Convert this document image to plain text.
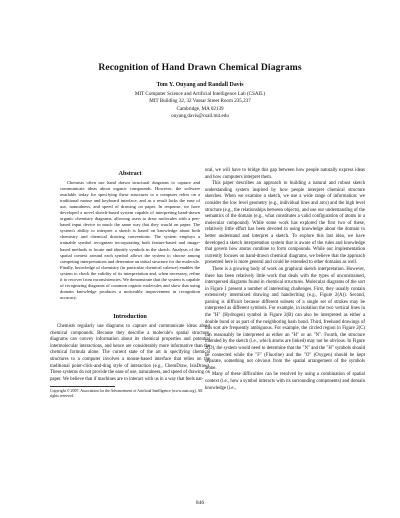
Recognition of Hand Drawn Chemical Diagrams
Tom Y. Ouyang and Randall Davis
MIT Computer Science and Artificial Intelligence Lab (CSAIL)
MIT Building 32, 32 Vassar Street Room 235,237
Cambridge, MA 02139
ouyang,davis@csail.mit.edu
Abstract

Chemists often use hand drawn structural diagrams to capture and communicate ideas about organic compounds. However, the software available today for specifying these structures to a computer relies on a traditional mouse and keyboard interface, and as a result lacks the ease of use, naturalness, and speed of drawing on paper. In response, we have developed a novel sketch-based system capable of interpreting hand-drawn organic chemistry diagrams, allowing users to draw molecules with a pen-based input device in much the same way that they would on paper. The system's ability to interpret a sketch is based on knowledge about both chemistry and chemical drawing conventions. The system employs a trainable symbol recognizer incorporating both feature-based and image-based methods to locate and identify symbols in the sketch. Analysis of the spatial context around each symbol allows the system to choose among competing interpretations and determine an initial structure for the molecule. Finally, knowledge of chemistry (in particular chemical valence) enables the system to check the validity of its interpretation and, when necessary, refine it to recover from inconsistencies. We demonstrate that the system is capable of recognizing diagrams of common organic molecules and show that using domain knowledge produces a noticeable improvement in recognition accuracy.

Introduction

Chemists regularly use diagrams to capture and communicate ideas about chemical compounds. Because they describe a molecule's spatial structure, diagrams can convey information about its chemical properties and potential intermolecular interactions, and hence are considerably more informative than the chemical formula alone. The current state of the art in specifying chemical structures to a computer involves a mouse-based interface that relies on the traditional point-click-and-drag style of interaction (e.g., ChemDraw, IsisDraw). These systems do not provide the ease of use, naturalness, and speed of drawing on paper. We believe that if machines are to interact with us in a way that feels nat-

Copyright © 2007, Association for the Advancement of Artificial Intelligence (www.aaai.org). All rights reserved.

ural, we will have to bridge this gap between how people naturally express ideas and how computers interpret them.

This paper describes an approach to building a natural and robust sketch understanding system inspired by how people interpret chemical structure sketches. When we examine a sketch, we use a wide range of information: we consider the low level geometry (e.g., individual lines and arcs) and the high level structure (e.g., the relationships between objects), and use our understanding of the semantics of the domain (e.g., what constitutes a valid configuration of atoms in a molecular compound). While some work has explored the first two of these, relatively little effort has been devoted to using knowledge about the domain to better understand and interpret a sketch. To explore this last idea, we have developed a sketch interpretation system that is aware of the rules and knowledge that govern how atoms combine to form compounds. While our implementation currently focuses on hand-drawn chemical diagrams, we believe that the approach presented here is more general and could be extended to other domains as well.

There is a growing body of work on graphical sketch interpretation. However, there has been relatively little work that deals with the types of unconstrained, interspersed diagrams found in chemical structures. Molecular diagrams of the sort in Figure 1 present a number of interesting challenges. First, they usually contain extensively intermixed drawing and handwriting (e.g., Figure 2(A)). Second, parsing is difficult because different subsets of a single set of strokes may be interpreted as different symbols. For example, in isolation the two vertical lines in the "H" (Hydrogen) symbol in Figure 2(B) can also be interpreted as either a double bond or as part of the neighboring hash bond. Third, freehand drawings of this sort are frequently ambiguous. For example, the circled region in Figure 2(C) can reasonably be interpreted as either an "H" or an "N". Fourth, the structure intended by the sketch (i.e., which atoms are linked) may not be obvious. In Figure 2(D), the system would need to determine that the "N" and the "H" symbols should be connected while the "F" (Fluorine) and the "O" (Oxygen) should be kept separate, something not obvious from the spatial arrangement of the symbols alone.

Many of these difficulties can be resolved by using a combination of spatial context (i.e., how a symbol interacts with its surrounding components) and domain knowledge (i.e.,

846
